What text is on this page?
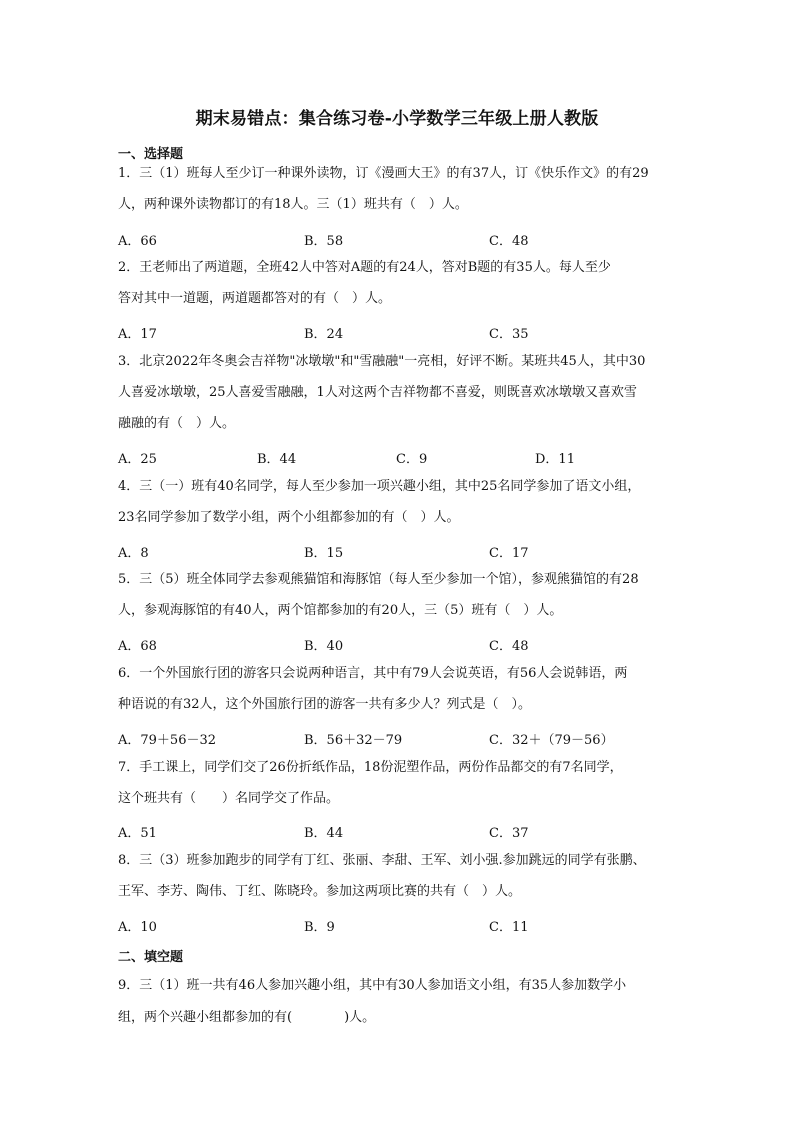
期末易错点：集合练习卷-小学数学三年级上册人教版
一、选择题
1．三（1）班每人至少订一种课外读物，订《漫画大王》的有37人，订《快乐作文》的有29
人，两种课外读物都订的有18人。三（1）班共有（　）人。
A．66	B．58	C．48
2．王老师出了两道题，全班42人中答对A题的有24人，答对B题的有35人。每人至少
答对其中一道题，两道题都答对的有（　）人。
A．17	B．24	C．35
3．北京2022年冬奥会吉祥物"冰墩墩"和"雪融融"一亮相，好评不断。某班共45人，其中30
人喜爱冰墩墩，25人喜爱雪融融，1人对这两个吉祥物都不喜爱，则既喜欢冰墩墩又喜欢雪
融融的有（　）人。
A．25	B．44	C．9	D．11
4．三（一）班有40名同学，每人至少参加一项兴趣小组，其中25名同学参加了语文小组，
23名同学参加了数学小组，两个小组都参加的有（　）人。
A．8	B．15	C．17
5．三（5）班全体同学去参观熊猫馆和海豚馆（每人至少参加一个馆），参观熊猫馆的有28
人，参观海豚馆的有40人，两个馆都参加的有20人，三（5）班有（　）人。
A．68	B．40	C．48
6．一个外国旅行团的游客只会说两种语言，其中有79人会说英语，有56人会说韩语，两
种语说的有32人，这个外国旅行团的游客一共有多少人？列式是（　）。
A．79＋56－32	B．56＋32－79	C．32＋（79－56）
7．手工课上，同学们交了26份折纸作品，18份泥塑作品，两份作品都交的有7名同学，
这个班共有（　　）名同学交了作品。
A．51	B．44	C．37
8．三（3）班参加跑步的同学有丁红、张丽、李甜、王军、刘小强.参加跳远的同学有张鹏、
王军、李芳、陶伟、丁红、陈晓玲。参加这两项比赛的共有（　）人。
A．10	B．9	C．11
二、填空题
9．三（1）班一共有46人参加兴趣小组，其中有30人参加语文小组，有35人参加数学小
组，两个兴趣小组都参加的有(　　　　)人。
